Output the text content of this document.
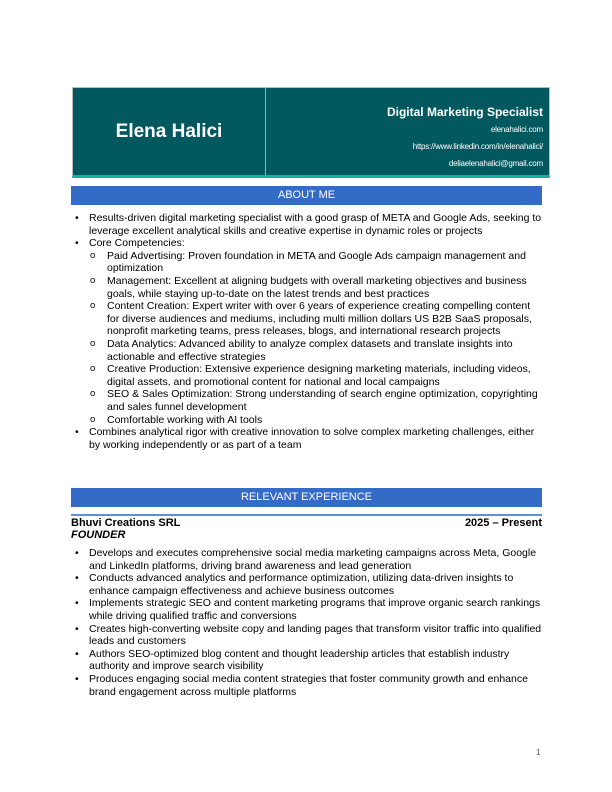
Elena Halici
Digital Marketing Specialist
elenahalici.com
https://www.linkedin.com/in/elenahalici/
deliaelenahalici@gmail.com
ABOUT ME
• Results-driven digital marketing specialist with a good grasp of META and Google Ads, seeking to leverage excellent analytical skills and creative expertise in dynamic roles or projects
• Core Competencies:
o Paid Advertising: Proven foundation in META and Google Ads campaign management and optimization
o Management: Excellent at aligning budgets with overall marketing objectives and business goals, while staying up-to-date on the latest trends and best practices
o Content Creation: Expert writer with over 6 years of experience creating compelling content for diverse audiences and mediums, including multi million dollars US B2B SaaS proposals, nonprofit marketing teams, press releases, blogs, and international research projects
o Data Analytics: Advanced ability to analyze complex datasets and translate insights into actionable and effective strategies
o Creative Production: Extensive experience designing marketing materials, including videos, digital assets, and promotional content for national and local campaigns
o SEO & Sales Optimization: Strong understanding of search engine optimization, copyrighting and sales funnel development
o Comfortable working with AI tools
• Combines analytical rigor with creative innovation to solve complex marketing challenges, either by working independently or as part of a team
RELEVANT EXPERIENCE
Bhuvi Creations SRL	2025 – Present
FOUNDER
• Develops and executes comprehensive social media marketing campaigns across Meta, Google and LinkedIn platforms, driving brand awareness and lead generation
• Conducts advanced analytics and performance optimization, utilizing data-driven insights to enhance campaign effectiveness and achieve business outcomes
• Implements strategic SEO and content marketing programs that improve organic search rankings while driving qualified traffic and conversions
• Creates high-converting website copy and landing pages that transform visitor traffic into qualified leads and customers
• Authors SEO-optimized blog content and thought leadership articles that establish industry authority and improve search visibility
• Produces engaging social media content strategies that foster community growth and enhance brand engagement across multiple platforms
1
